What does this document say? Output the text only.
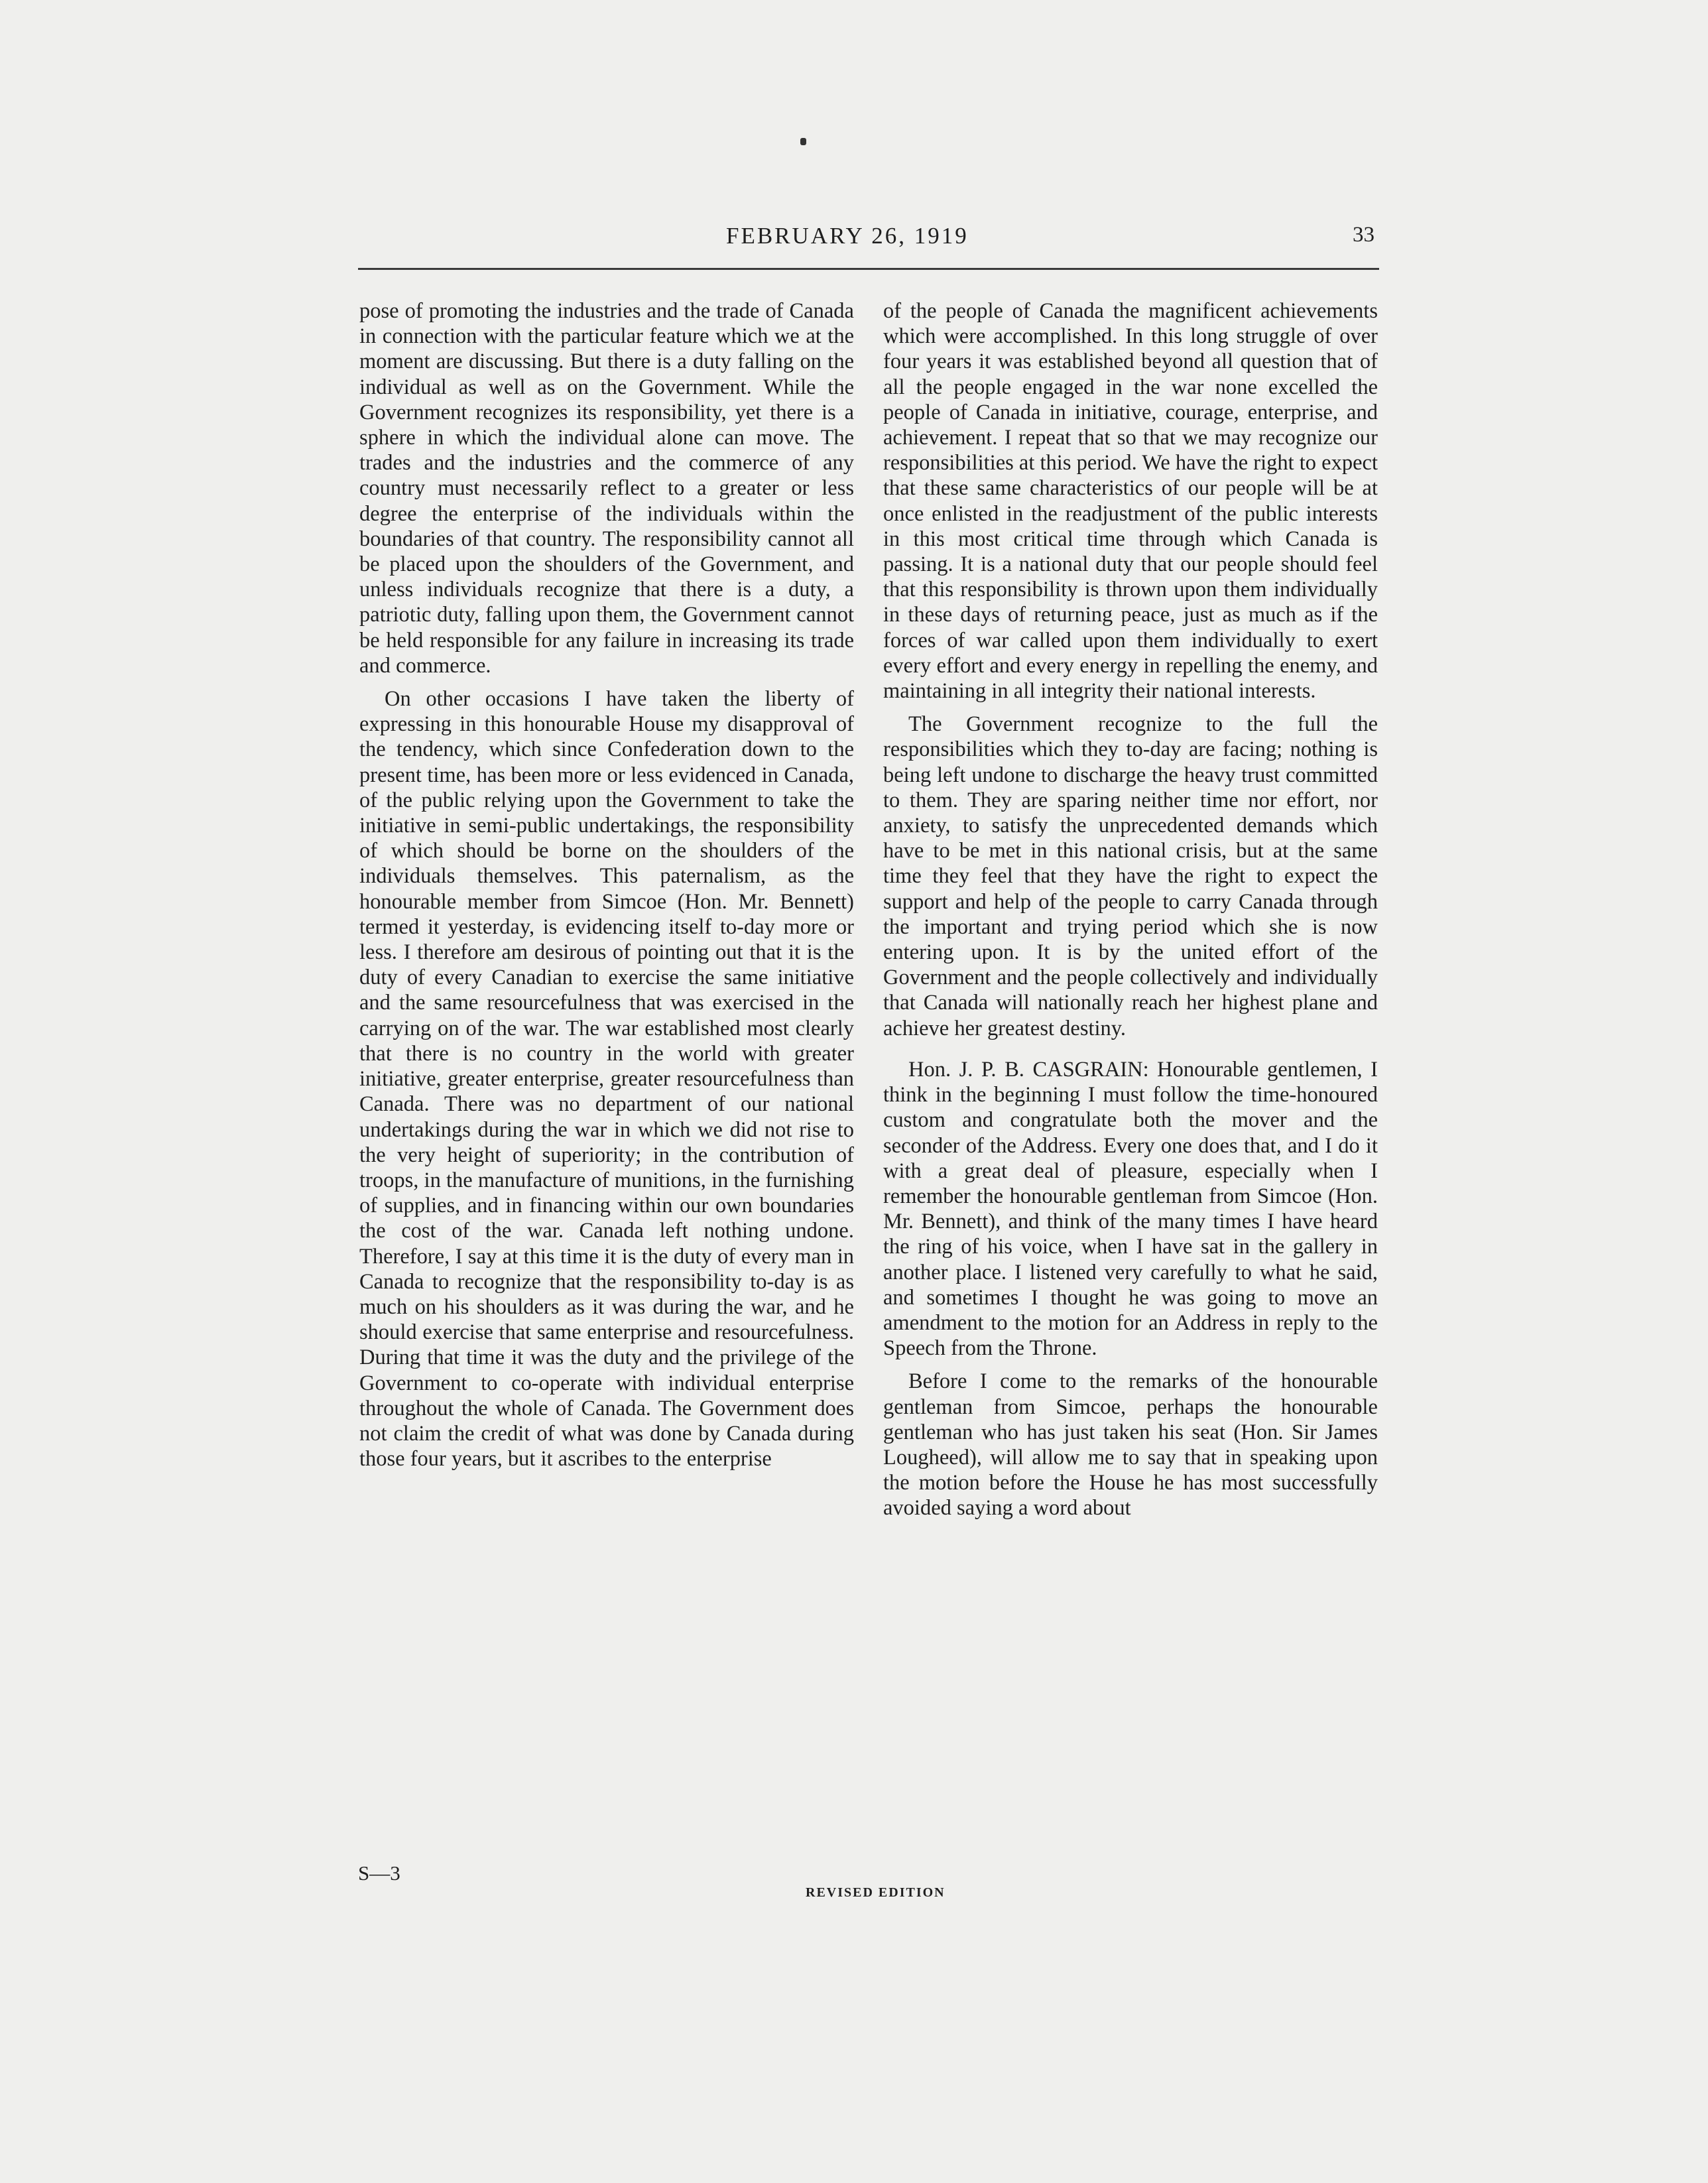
FEBRUARY 26, 1919	33

pose of promoting the industries and the trade of Canada in connection with the particular feature which we at the moment are discussing. But there is a duty falling on the individual as well as on the Government. While the Government recognizes its responsibility, yet there is a sphere in which the individual alone can move. The trades and the industries and the commerce of any country must necessarily reflect to a greater or less degree the enterprise of the individuals within the boundaries of that country. The responsibility cannot all be placed upon the shoulders of the Government, and unless individuals recognize that there is a duty, a patriotic duty, falling upon them, the Government cannot be held responsible for any failure in increasing its trade and commerce.

On other occasions I have taken the liberty of expressing in this honourable House my disapproval of the tendency, which since Confederation down to the present time, has been more or less evidenced in Canada, of the public relying upon the Government to take the initiative in semi-public undertakings, the responsibility of which should be borne on the shoulders of the individuals themselves. This paternalism, as the honourable member from Simcoe (Hon. Mr. Bennett) termed it yesterday, is evidencing itself to-day more or less. I therefore am desirous of pointing out that it is the duty of every Canadian to exercise the same initiative and the same resourcefulness that was exercised in the carrying on of the war. The war established most clearly that there is no country in the world with greater initiative, greater enterprise, greater resourcefulness than Canada. There was no department of our national undertakings during the war in which we did not rise to the very height of superiority; in the contribution of troops, in the manufacture of munitions, in the furnishing of supplies, and in financing within our own boundaries the cost of the war. Canada left nothing undone. Therefore, I say at this time it is the duty of every man in Canada to recognize that the responsibility to-day is as much on his shoulders as it was during the war, and he should exercise that same enterprise and resourcefulness. During that time it was the duty and the privilege of the Government to co-operate with individual enterprise throughout the whole of Canada. The Government does not claim the credit of what was done by Canada during those four years, but it ascribes to the enterprise

of the people of Canada the magnificent achievements which were accomplished. In this long struggle of over four years it was established beyond all question that of all the people engaged in the war none excelled the people of Canada in initiative, courage, enterprise, and achievement. I repeat that so that we may recognize our responsibilities at this period. We have the right to expect that these same characteristics of our people will be at once enlisted in the readjustment of the public interests in this most critical time through which Canada is passing. It is a national duty that our people should feel that this responsibility is thrown upon them individually in these days of returning peace, just as much as if the forces of war called upon them individually to exert every effort and every energy in repelling the enemy, and maintaining in all integrity their national interests.

The Government recognize to the full the responsibilities which they to-day are facing; nothing is being left undone to discharge the heavy trust committed to them. They are sparing neither time nor effort, nor anxiety, to satisfy the unprecedented demands which have to be met in this national crisis, but at the same time they feel that they have the right to expect the support and help of the people to carry Canada through the important and trying period which she is now entering upon. It is by the united effort of the Government and the people collectively and individually that Canada will nationally reach her highest plane and achieve her greatest destiny.

Hon. J. P. B. CASGRAIN: Honourable gentlemen, I think in the beginning I must follow the time-honoured custom and congratulate both the mover and the seconder of the Address. Every one does that, and I do it with a great deal of pleasure, especially when I remember the honourable gentleman from Simcoe (Hon. Mr. Bennett), and think of the many times I have heard the ring of his voice, when I have sat in the gallery in another place. I listened very carefully to what he said, and sometimes I thought he was going to move an amendment to the motion for an Address in reply to the Speech from the Throne.

Before I come to the remarks of the honourable gentleman from Simcoe, perhaps the honourable gentleman who has just taken his seat (Hon. Sir James Lougheed), will allow me to say that in speaking upon the motion before the House he has most successfully avoided saying a word about

S—3
REVISED EDITION
